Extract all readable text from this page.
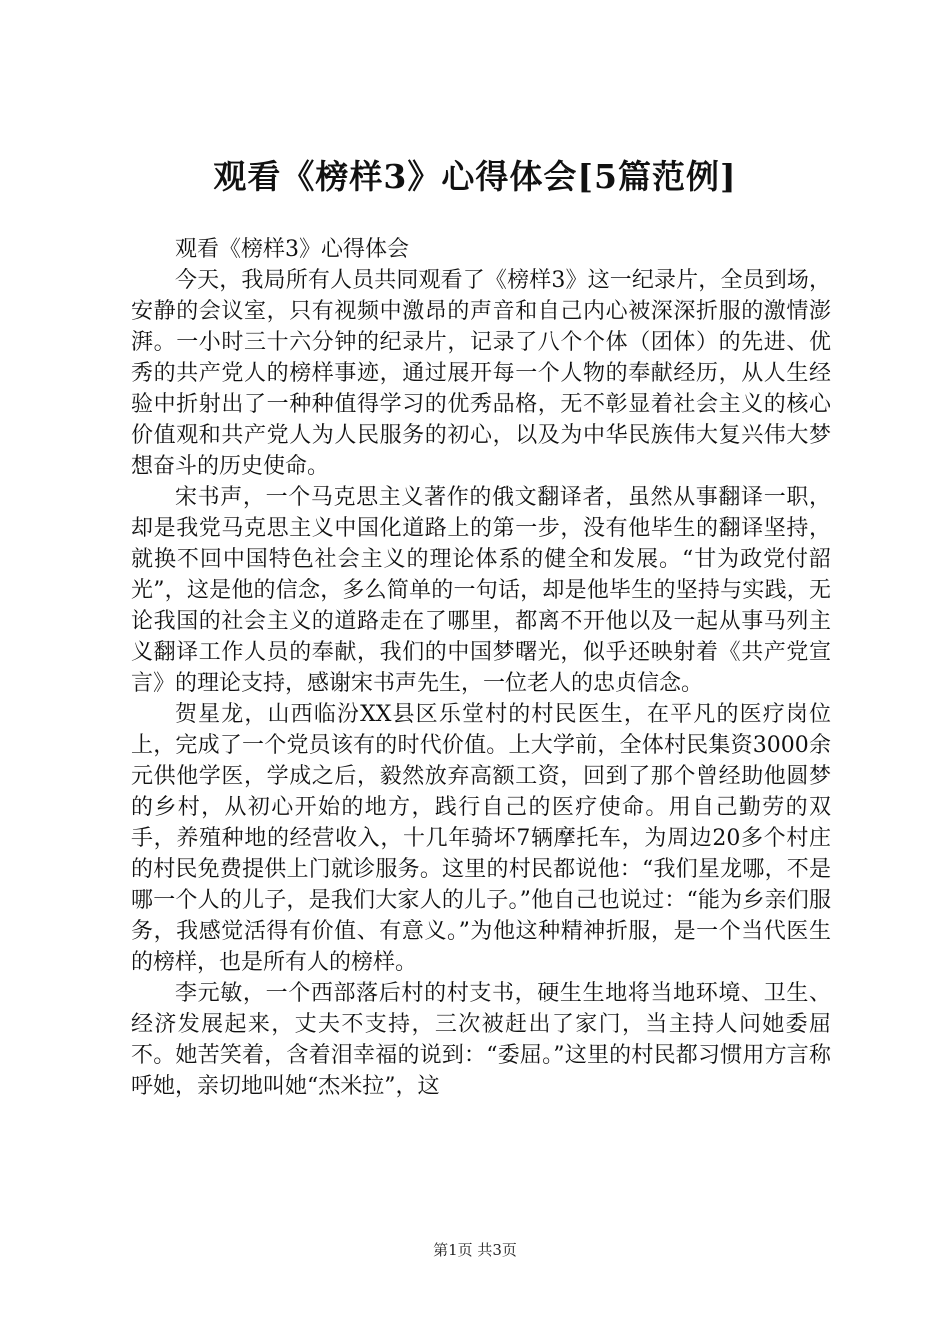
观看《榜样3》心得体会[5篇范例]

观看《榜样3》心得体会

今天，我局所有人员共同观看了《榜样3》这一纪录片，全员到场，安静的会议室，只有视频中激昂的声音和自己内心被深深折服的激情澎湃。一小时三十六分钟的纪录片，记录了八个个体（团体）的先进、优秀的共产党人的榜样事迹，通过展开每一个人物的奉献经历，从人生经验中折射出了一种种值得学习的优秀品格，无不彰显着社会主义的核心价值观和共产党人为人民服务的初心，以及为中华民族伟大复兴伟大梦想奋斗的历史使命。

宋书声，一个马克思主义著作的俄文翻译者，虽然从事翻译一职，却是我党马克思主义中国化道路上的第一步，没有他毕生的翻译坚持，就换不回中国特色社会主义的理论体系的健全和发展。“甘为政党付韶光”，这是他的信念，多么简单的一句话，却是他毕生的坚持与实践，无论我国的社会主义的道路走在了哪里，都离不开他以及一起从事马列主义翻译工作人员的奉献，我们的中国梦曙光，似乎还映射着《共产党宣言》的理论支持，感谢宋书声先生，一位老人的忠贞信念。

贺星龙，山西临汾XX县区乐堂村的村民医生，在平凡的医疗岗位上，完成了一个党员该有的时代价值。上大学前，全体村民集资3000余元供他学医，学成之后，毅然放弃高额工资，回到了那个曾经助他圆梦的乡村，从初心开始的地方，践行自己的医疗使命。用自己勤劳的双手，养殖种地的经营收入，十几年骑坏7辆摩托车，为周边20多个村庄的村民免费提供上门就诊服务。这里的村民都说他：“我们星龙哪，不是哪一个人的儿子，是我们大家人的儿子。”他自己也说过：“能为乡亲们服务，我感觉活得有价值、有意义。”为他这种精神折服，是一个当代医生的榜样，也是所有人的榜样。

李元敏，一个西部落后村的村支书，硬生生地将当地环境、卫生、经济发展起来，丈夫不支持，三次被赶出了家门，当主持人问她委屈不。她苦笑着，含着泪幸福的说到：“委屈。”这里的村民都习惯用方言称呼她，亲切地叫她“杰米拉”，这

第1页 共3页
